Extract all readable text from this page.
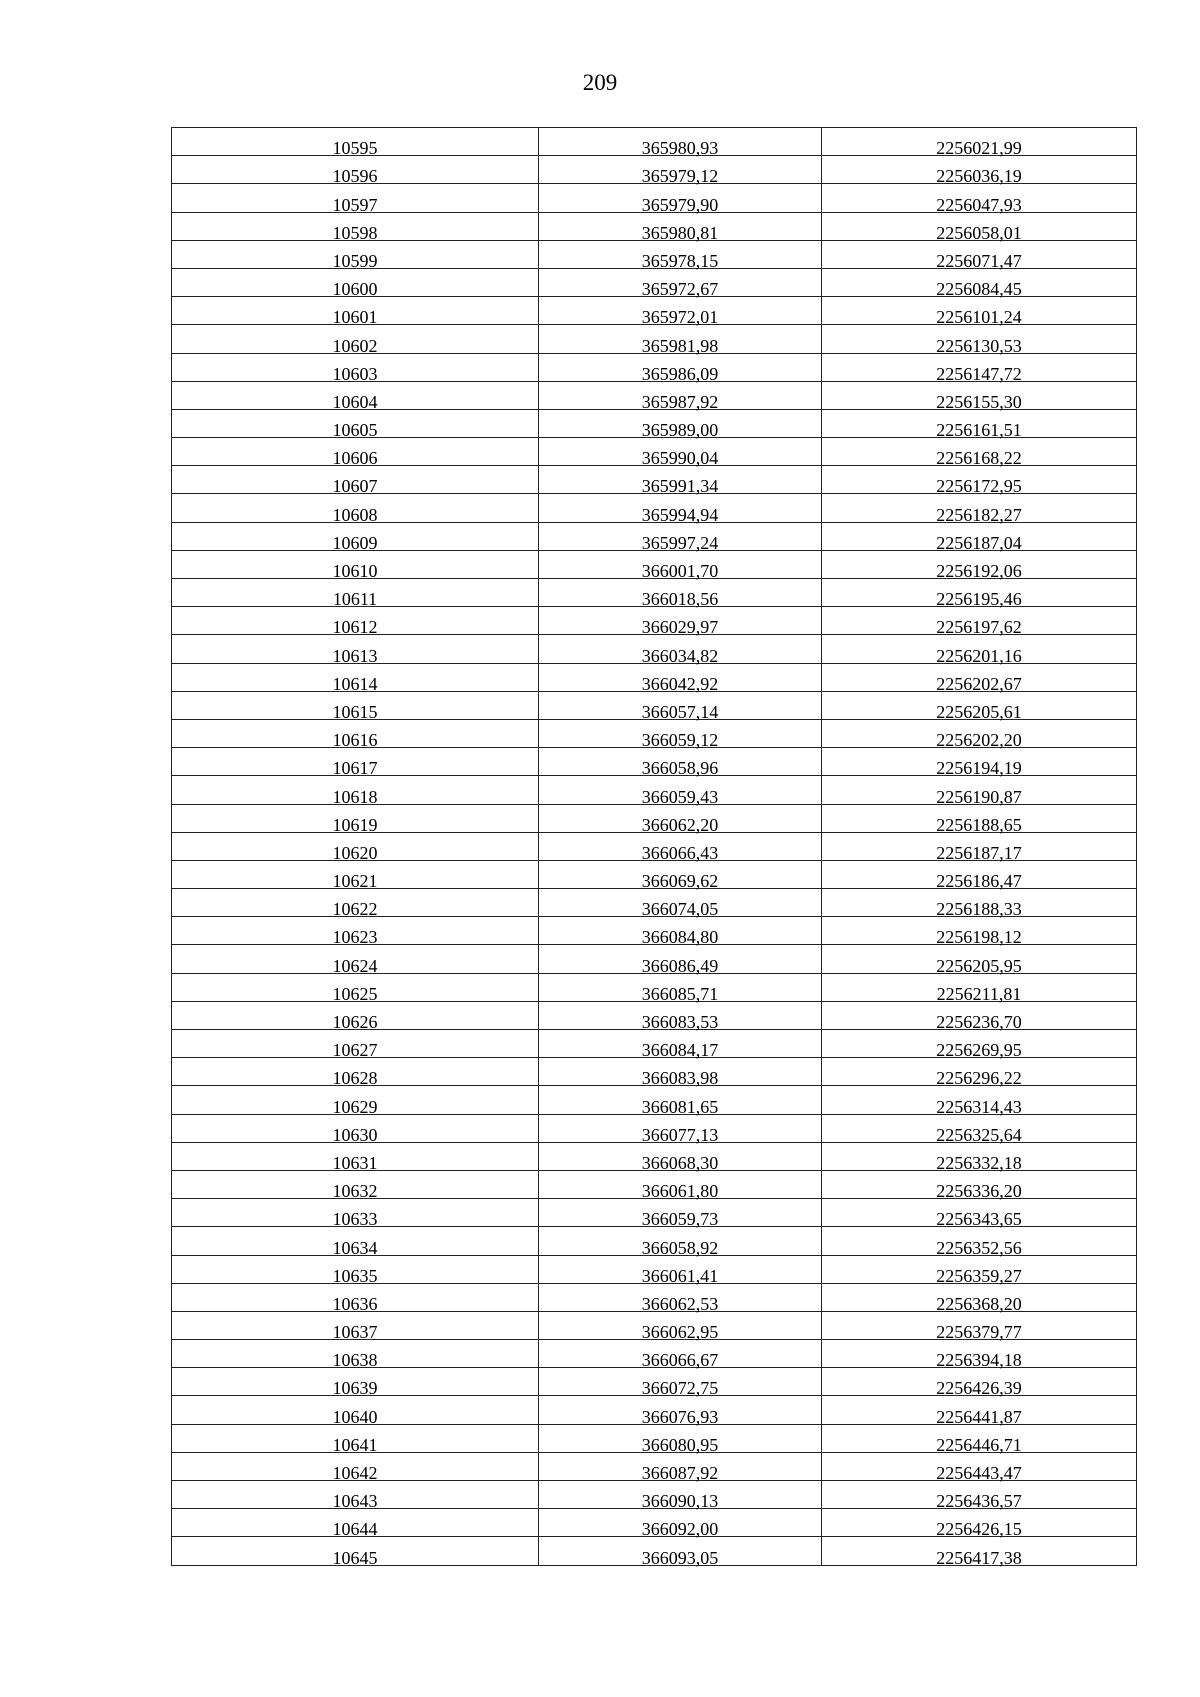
209
10595	365980,93	2256021,99
10596	365979,12	2256036,19
10597	365979,90	2256047,93
10598	365980,81	2256058,01
10599	365978,15	2256071,47
10600	365972,67	2256084,45
10601	365972,01	2256101,24
10602	365981,98	2256130,53
10603	365986,09	2256147,72
10604	365987,92	2256155,30
10605	365989,00	2256161,51
10606	365990,04	2256168,22
10607	365991,34	2256172,95
10608	365994,94	2256182,27
10609	365997,24	2256187,04
10610	366001,70	2256192,06
10611	366018,56	2256195,46
10612	366029,97	2256197,62
10613	366034,82	2256201,16
10614	366042,92	2256202,67
10615	366057,14	2256205,61
10616	366059,12	2256202,20
10617	366058,96	2256194,19
10618	366059,43	2256190,87
10619	366062,20	2256188,65
10620	366066,43	2256187,17
10621	366069,62	2256186,47
10622	366074,05	2256188,33
10623	366084,80	2256198,12
10624	366086,49	2256205,95
10625	366085,71	2256211,81
10626	366083,53	2256236,70
10627	366084,17	2256269,95
10628	366083,98	2256296,22
10629	366081,65	2256314,43
10630	366077,13	2256325,64
10631	366068,30	2256332,18
10632	366061,80	2256336,20
10633	366059,73	2256343,65
10634	366058,92	2256352,56
10635	366061,41	2256359,27
10636	366062,53	2256368,20
10637	366062,95	2256379,77
10638	366066,67	2256394,18
10639	366072,75	2256426,39
10640	366076,93	2256441,87
10641	366080,95	2256446,71
10642	366087,92	2256443,47
10643	366090,13	2256436,57
10644	366092,00	2256426,15
10645	366093,05	2256417,38
